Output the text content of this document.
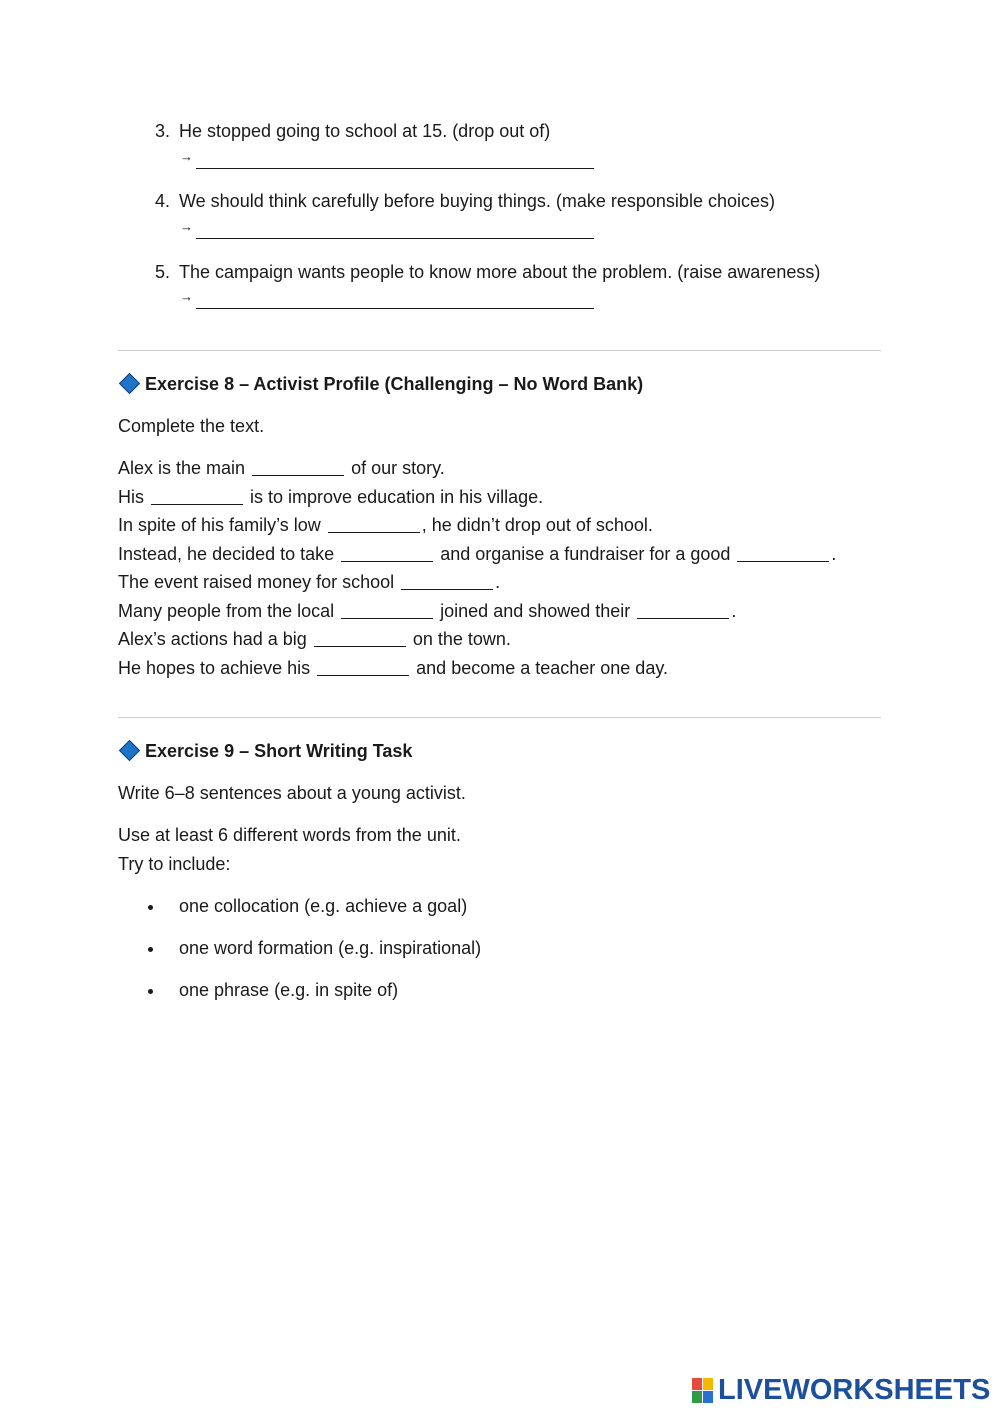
3. He stopped going to school at 15. (drop out of)
→
4. We should think carefully before buying things. (make responsible choices)
→
5. The campaign wants people to know more about the problem. (raise awareness)
→
Exercise 8 – Activist Profile (Challenging – No Word Bank)
Complete the text.
Alex is the main	of our story.
His	is to improve education in his village.
In spite of his family’s low	, he didn’t drop out of school.
Instead, he decided to take	and organise a fundraiser for a good	.
The event raised money for school	.
Many people from the local	joined and showed their	.
Alex’s actions had a big	on the town.
He hopes to achieve his	and become a teacher one day.
Exercise 9 – Short Writing Task
Write 6–8 sentences about a young activist.
Use at least 6 different words from the unit.
Try to include:
one collocation (e.g. achieve a goal)
one word formation (e.g. inspirational)
one phrase (e.g. in spite of)
LIVEWORKSHEETS
